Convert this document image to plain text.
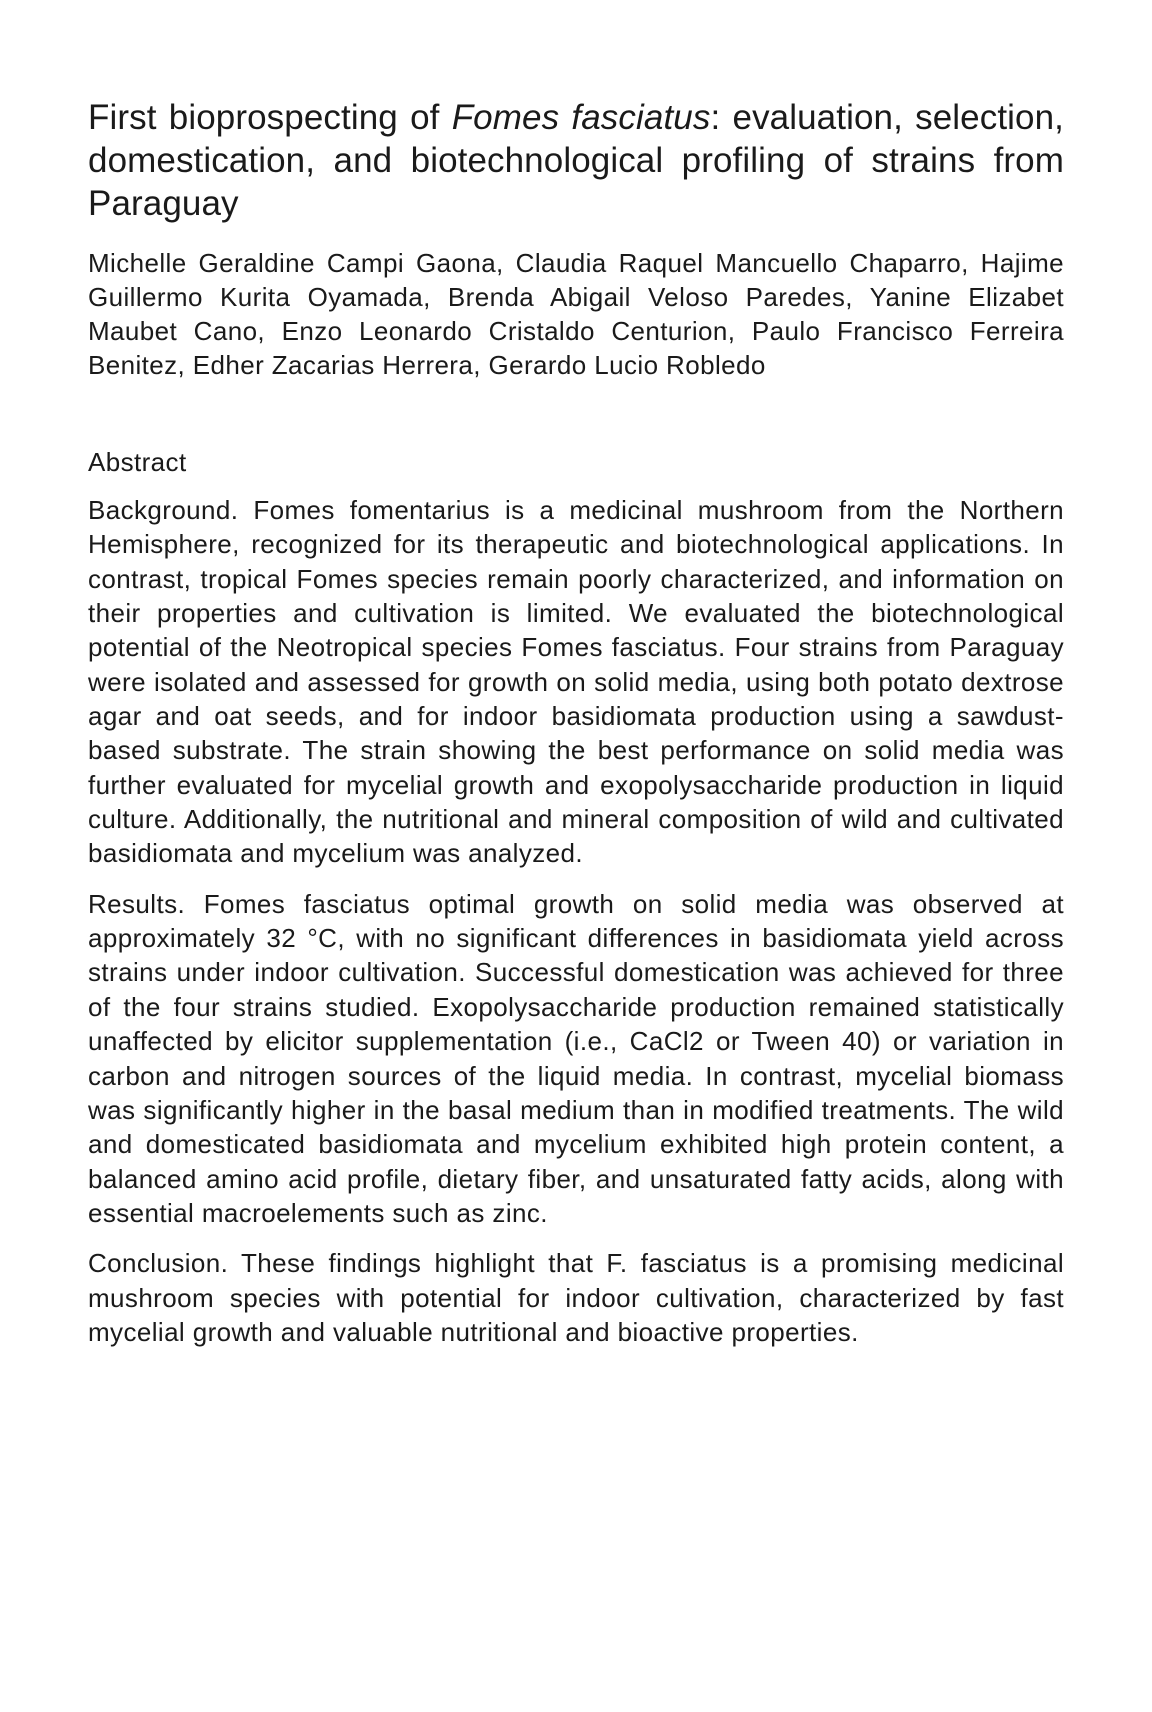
First bioprospecting of Fomes fasciatus: evaluation, selection, domestication, and biotechnological profiling of strains from Paraguay
Michelle Geraldine Campi Gaona, Claudia Raquel Mancuello Chaparro, Hajime Guillermo Kurita Oyamada, Brenda Abigail Veloso Paredes, Yanine Elizabet Maubet Cano, Enzo Leonardo Cristaldo Centurion, Paulo Francisco Ferreira Benitez, Edher Zacarias Herrera, Gerardo Lucio Robledo
Abstract

Background. Fomes fomentarius is a medicinal mushroom from the Northern Hemisphere, recognized for its therapeutic and biotechnological applications. In contrast, tropical Fomes species remain poorly characterized, and information on their properties and cultivation is limited. We evaluated the biotechnological potential of the Neotropical species Fomes fasciatus. Four strains from Paraguay were isolated and assessed for growth on solid media, using both potato dextrose agar and oat seeds, and for indoor basidiomata production using a sawdust-based substrate. The strain showing the best performance on solid media was further evaluated for mycelial growth and exopolysaccharide production in liquid culture. Additionally, the nutritional and mineral composition of wild and cultivated basidiomata and mycelium was analyzed.

Results. Fomes fasciatus optimal growth on solid media was observed at approximately 32 °C, with no significant differences in basidiomata yield across strains under indoor cultivation. Successful domestication was achieved for three of the four strains studied. Exopolysaccharide production remained statistically unaffected by elicitor supplementation (i.e., CaCl2 or Tween 40) or variation in carbon and nitrogen sources of the liquid media. In contrast, mycelial biomass was significantly higher in the basal medium than in modified treatments. The wild and domesticated basidiomata and mycelium exhibited high protein content, a balanced amino acid profile, dietary fiber, and unsaturated fatty acids, along with essential macroelements such as zinc.

Conclusion. These findings highlight that F. fasciatus is a promising medicinal mushroom species with potential for indoor cultivation, characterized by fast mycelial growth and valuable nutritional and bioactive properties.
